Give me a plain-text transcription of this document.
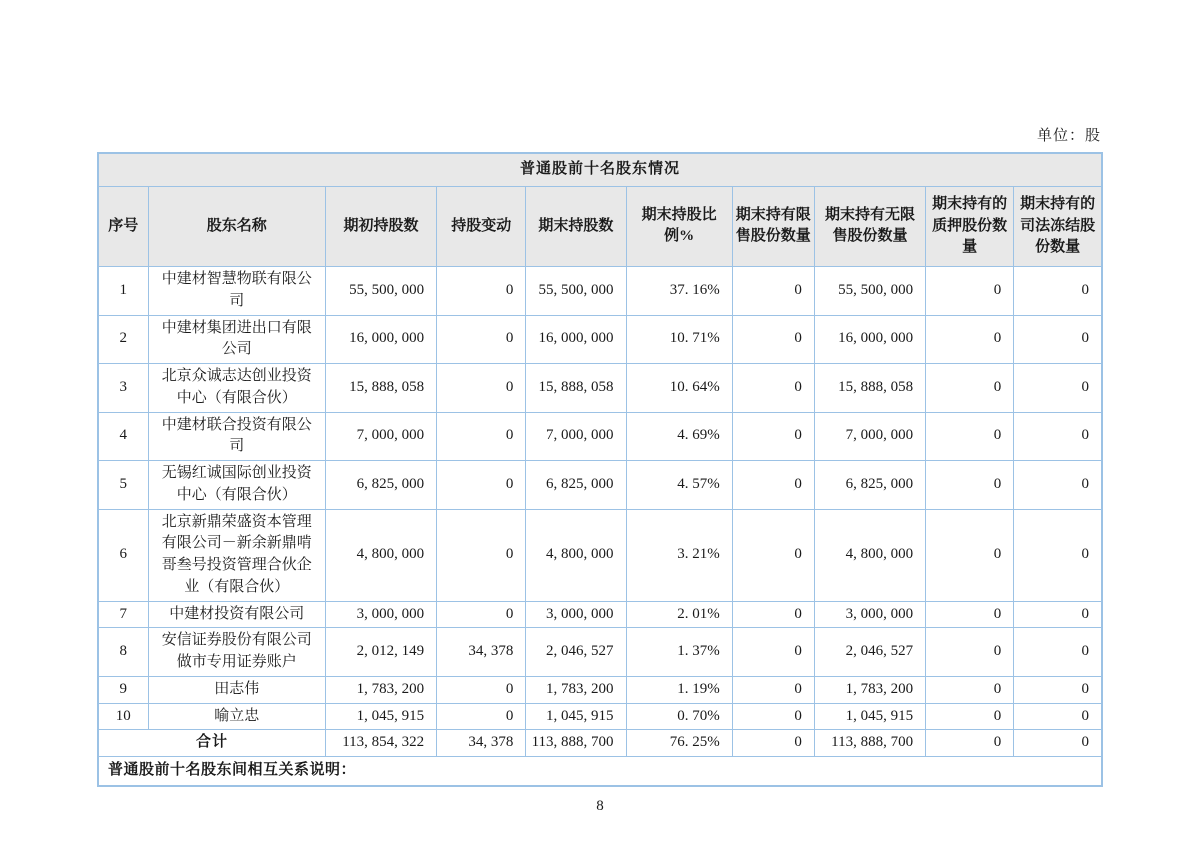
单位：股
普通股前十名股东情况									
序号	股东名称	期初持股数	持股变动	期末持股数	期末持股比例%	期末持有限售股份数量	期末持有无限售股份数量	期末持有的质押股份数量	期末持有的司法冻结股份数量
1	中建材智慧物联有限公司	55, 500, 000	0	55, 500, 000	37. 16%	0	55, 500, 000	0	0
2	中建材集团进出口有限公司	16, 000, 000	0	16, 000, 000	10. 71%	0	16, 000, 000	0	0
3	北京众诚志达创业投资中心（有限合伙）	15, 888, 058	0	15, 888, 058	10. 64%	0	15, 888, 058	0	0
4	中建材联合投资有限公司	7, 000, 000	0	7, 000, 000	4. 69%	0	7, 000, 000	0	0
5	无锡红诚国际创业投资中心（有限合伙）	6, 825, 000	0	6, 825, 000	4. 57%	0	6, 825, 000	0	0
6	北京新鼎荣盛资本管理有限公司－新余新鼎啃哥叁号投资管理合伙企业（有限合伙）	4, 800, 000	0	4, 800, 000	3. 21%	0	4, 800, 000	0	0
7	中建材投资有限公司	3, 000, 000	0	3, 000, 000	2. 01%	0	3, 000, 000	0	0
8	安信证券股份有限公司做市专用证券账户	2, 012, 149	34, 378	2, 046, 527	1. 37%	0	2, 046, 527	0	0
9	田志伟	1, 783, 200	0	1, 783, 200	1. 19%	0	1, 783, 200	0	0
10	喻立忠	1, 045, 915	0	1, 045, 915	0. 70%	0	1, 045, 915	0	0
合计		113, 854, 322	34, 378	113, 888, 700	76. 25%	0	113, 888, 700	0	0
普通股前十名股东间相互关系说明：									
8
